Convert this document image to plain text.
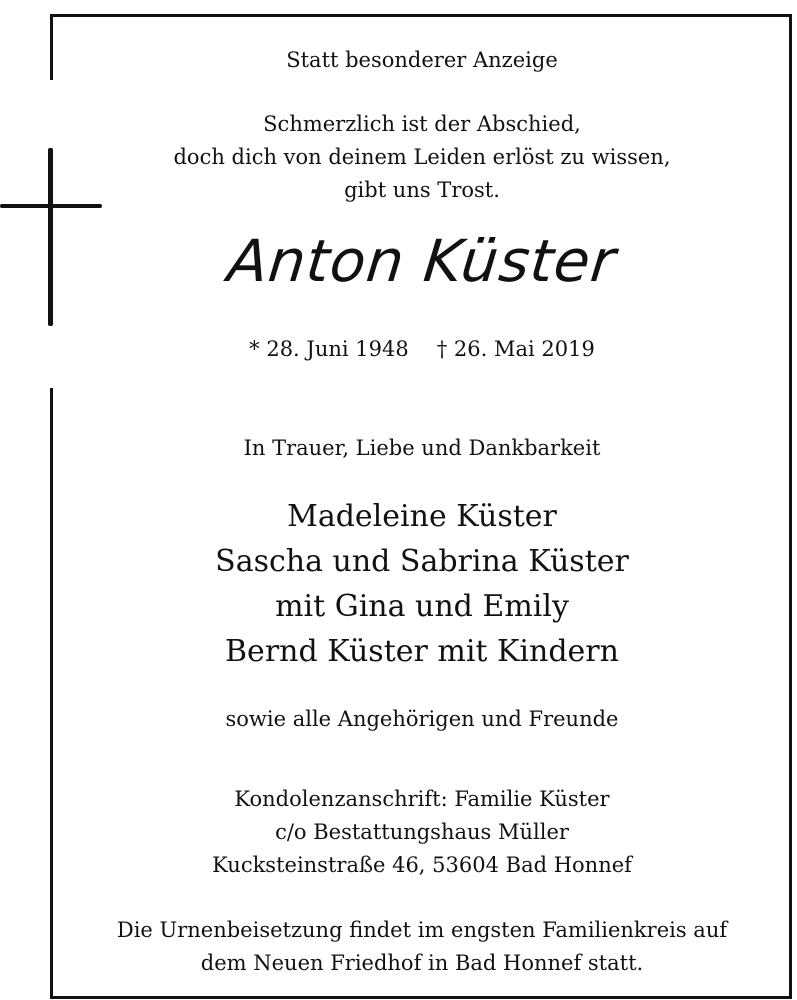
Statt besonderer Anzeige

Schmerzlich ist der Abschied,
doch dich von deinem Leiden erlöst zu wissen,
gibt uns Trost.

Anton Küster

* 28. Juni 1948 † 26. Mai 2019

In Trauer, Liebe und Dankbarkeit

Madeleine Küster
Sascha und Sabrina Küster
mit Gina und Emily
Bernd Küster mit Kindern

sowie alle Angehörigen und Freunde

Kondolenzanschrift: Familie Küster
c/o Bestattungshaus Müller
Kucksteinstraße 46, 53604 Bad Honnef
Die Urnenbeisetzung findet im engsten Familienkreis auf
dem Neuen Friedhof in Bad Honnef statt.
